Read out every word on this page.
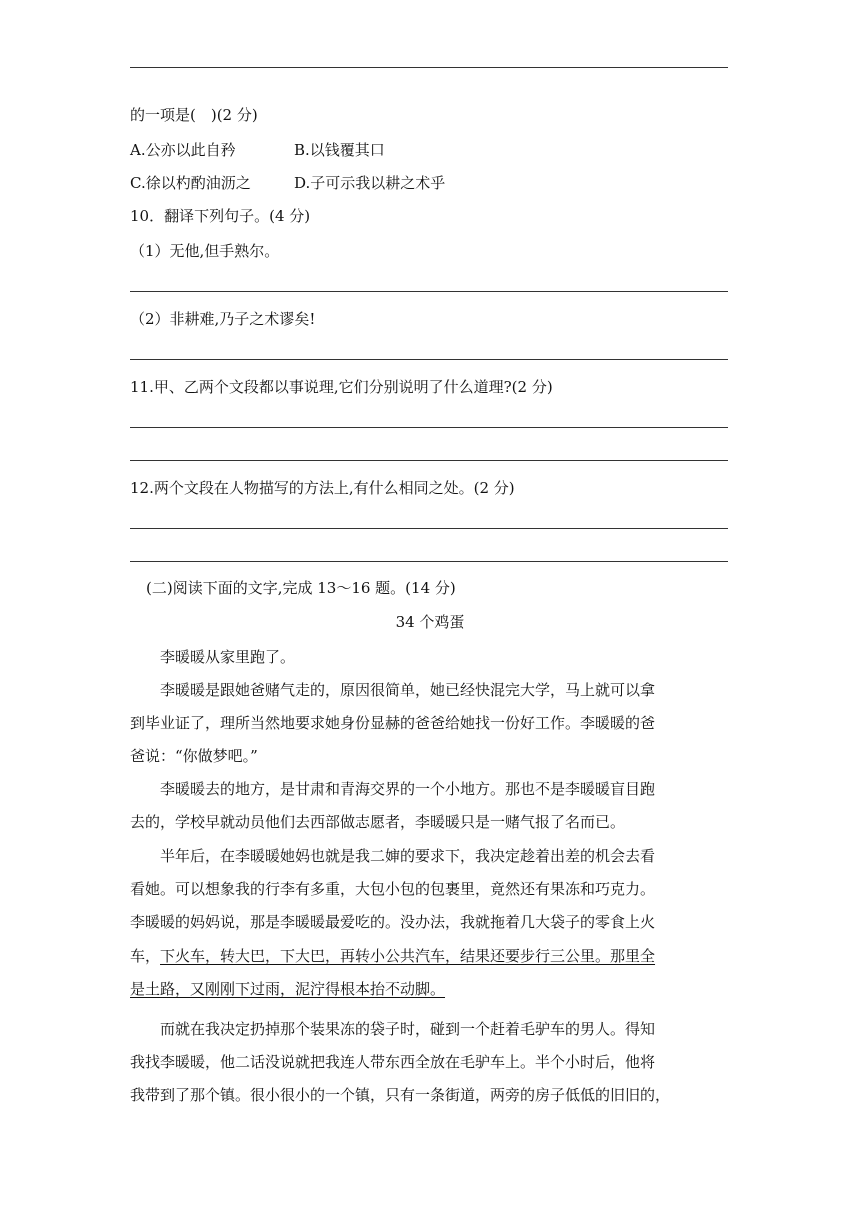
的一项是(　)(2 分)
A.公亦以此自矜	B.以钱覆其口
C.徐以杓酌油沥之	D.子可示我以耕之术乎
10．翻译下列句子。(4 分)
（1）无他,但手熟尔。
（2）非耕难,乃子之术谬矣!
11.甲、乙两个文段都以事说理,它们分别说明了什么道理?(2 分)
12.两个文段在人物描写的方法上,有什么相同之处。(2 分)
(二)阅读下面的文字,完成 13～16 题。(14 分)
34 个鸡蛋
李暖暖从家里跑了。
李暖暖是跟她爸赌气走的，原因很简单，她已经快混完大学，马上就可以拿
到毕业证了，理所当然地要求她身份显赫的爸爸给她找一份好工作。李暖暖的爸
爸说：“你做梦吧。”
李暖暖去的地方，是甘肃和青海交界的一个小地方。那也不是李暖暖盲目跑
去的，学校早就动员他们去西部做志愿者，李暖暖只是一赌气报了名而已。
半年后，在李暖暖她妈也就是我二婶的要求下，我决定趁着出差的机会去看
看她。可以想象我的行李有多重，大包小包的包裹里，竟然还有果冻和巧克力。
李暖暖的妈妈说，那是李暖暖最爱吃的。没办法，我就拖着几大袋子的零食上火
车，下火车，转大巴，下大巴，再转小公共汽车，结果还要步行三公里。那里全
是土路，又刚刚下过雨，泥泞得根本抬不动脚。
而就在我决定扔掉那个装果冻的袋子时，碰到一个赶着毛驴车的男人。得知
我找李暖暖，他二话没说就把我连人带东西全放在毛驴车上。半个小时后，他将
我带到了那个镇。很小很小的一个镇，只有一条街道，两旁的房子低低的旧旧的，
